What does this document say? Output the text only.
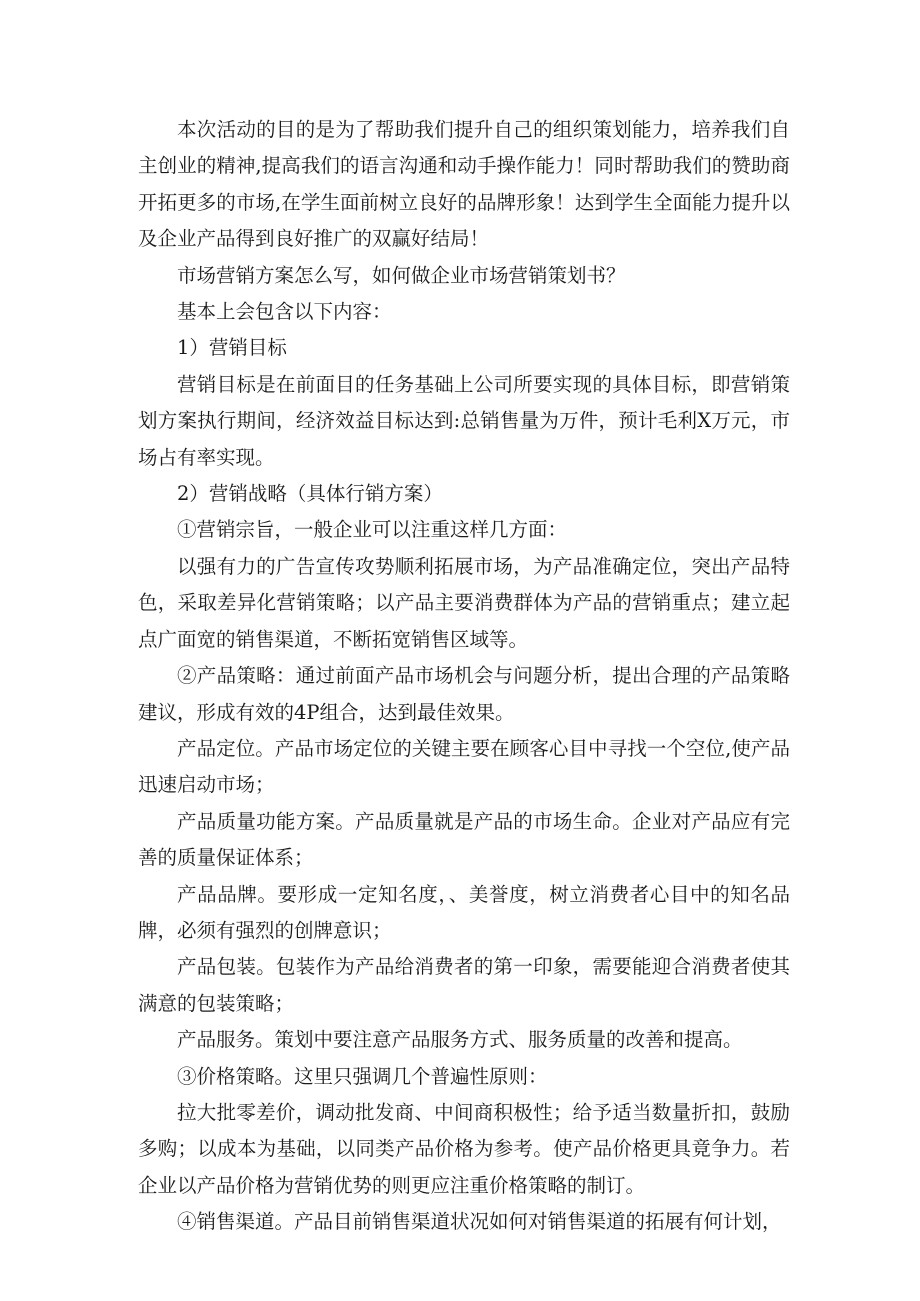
本次活动的目的是为了帮助我们提升自己的组织策划能力，培养我们自主创业的精神,提高我们的语言沟通和动手操作能力！同时帮助我们的赞助商开拓更多的市场,在学生面前树立良好的品牌形象！达到学生全面能力提升以及企业产品得到良好推广的双赢好结局！

市场营销方案怎么写，如何做企业市场营销策划书？

基本上会包含以下内容：

1）营销目标

营销目标是在前面目的任务基础上公司所要实现的具体目标，即营销策划方案执行期间，经济效益目标达到:总销售量为万件，预计毛利X万元，市场占有率实现。

2）营销战略（具体行销方案）

①营销宗旨，一般企业可以注重这样几方面：

以强有力的广告宣传攻势顺利拓展市场，为产品准确定位，突出产品特色，采取差异化营销策略；以产品主要消费群体为产品的营销重点；建立起点广面宽的销售渠道，不断拓宽销售区域等。

②产品策略：通过前面产品市场机会与问题分析，提出合理的产品策略建议，形成有效的4P组合，达到最佳效果。

产品定位。产品市场定位的关键主要在顾客心目中寻找一个空位,使产品迅速启动市场；

产品质量功能方案。产品质量就是产品的市场生命。企业对产品应有完善的质量保证体系；

产品品牌。要形成一定知名度，、美誉度，树立消费者心目中的知名品牌，必须有强烈的创牌意识；

产品包装。包装作为产品给消费者的第一印象，需要能迎合消费者使其满意的包装策略；

产品服务。策划中要注意产品服务方式、服务质量的改善和提高。

③价格策略。这里只强调几个普遍性原则：

拉大批零差价，调动批发商、中间商积极性；给予适当数量折扣，鼓励多购；以成本为基础，以同类产品价格为参考。使产品价格更具竟争力。若企业以产品价格为营销优势的则更应注重价格策略的制订。

④销售渠道。产品目前销售渠道状况如何对销售渠道的拓展有何计划，
